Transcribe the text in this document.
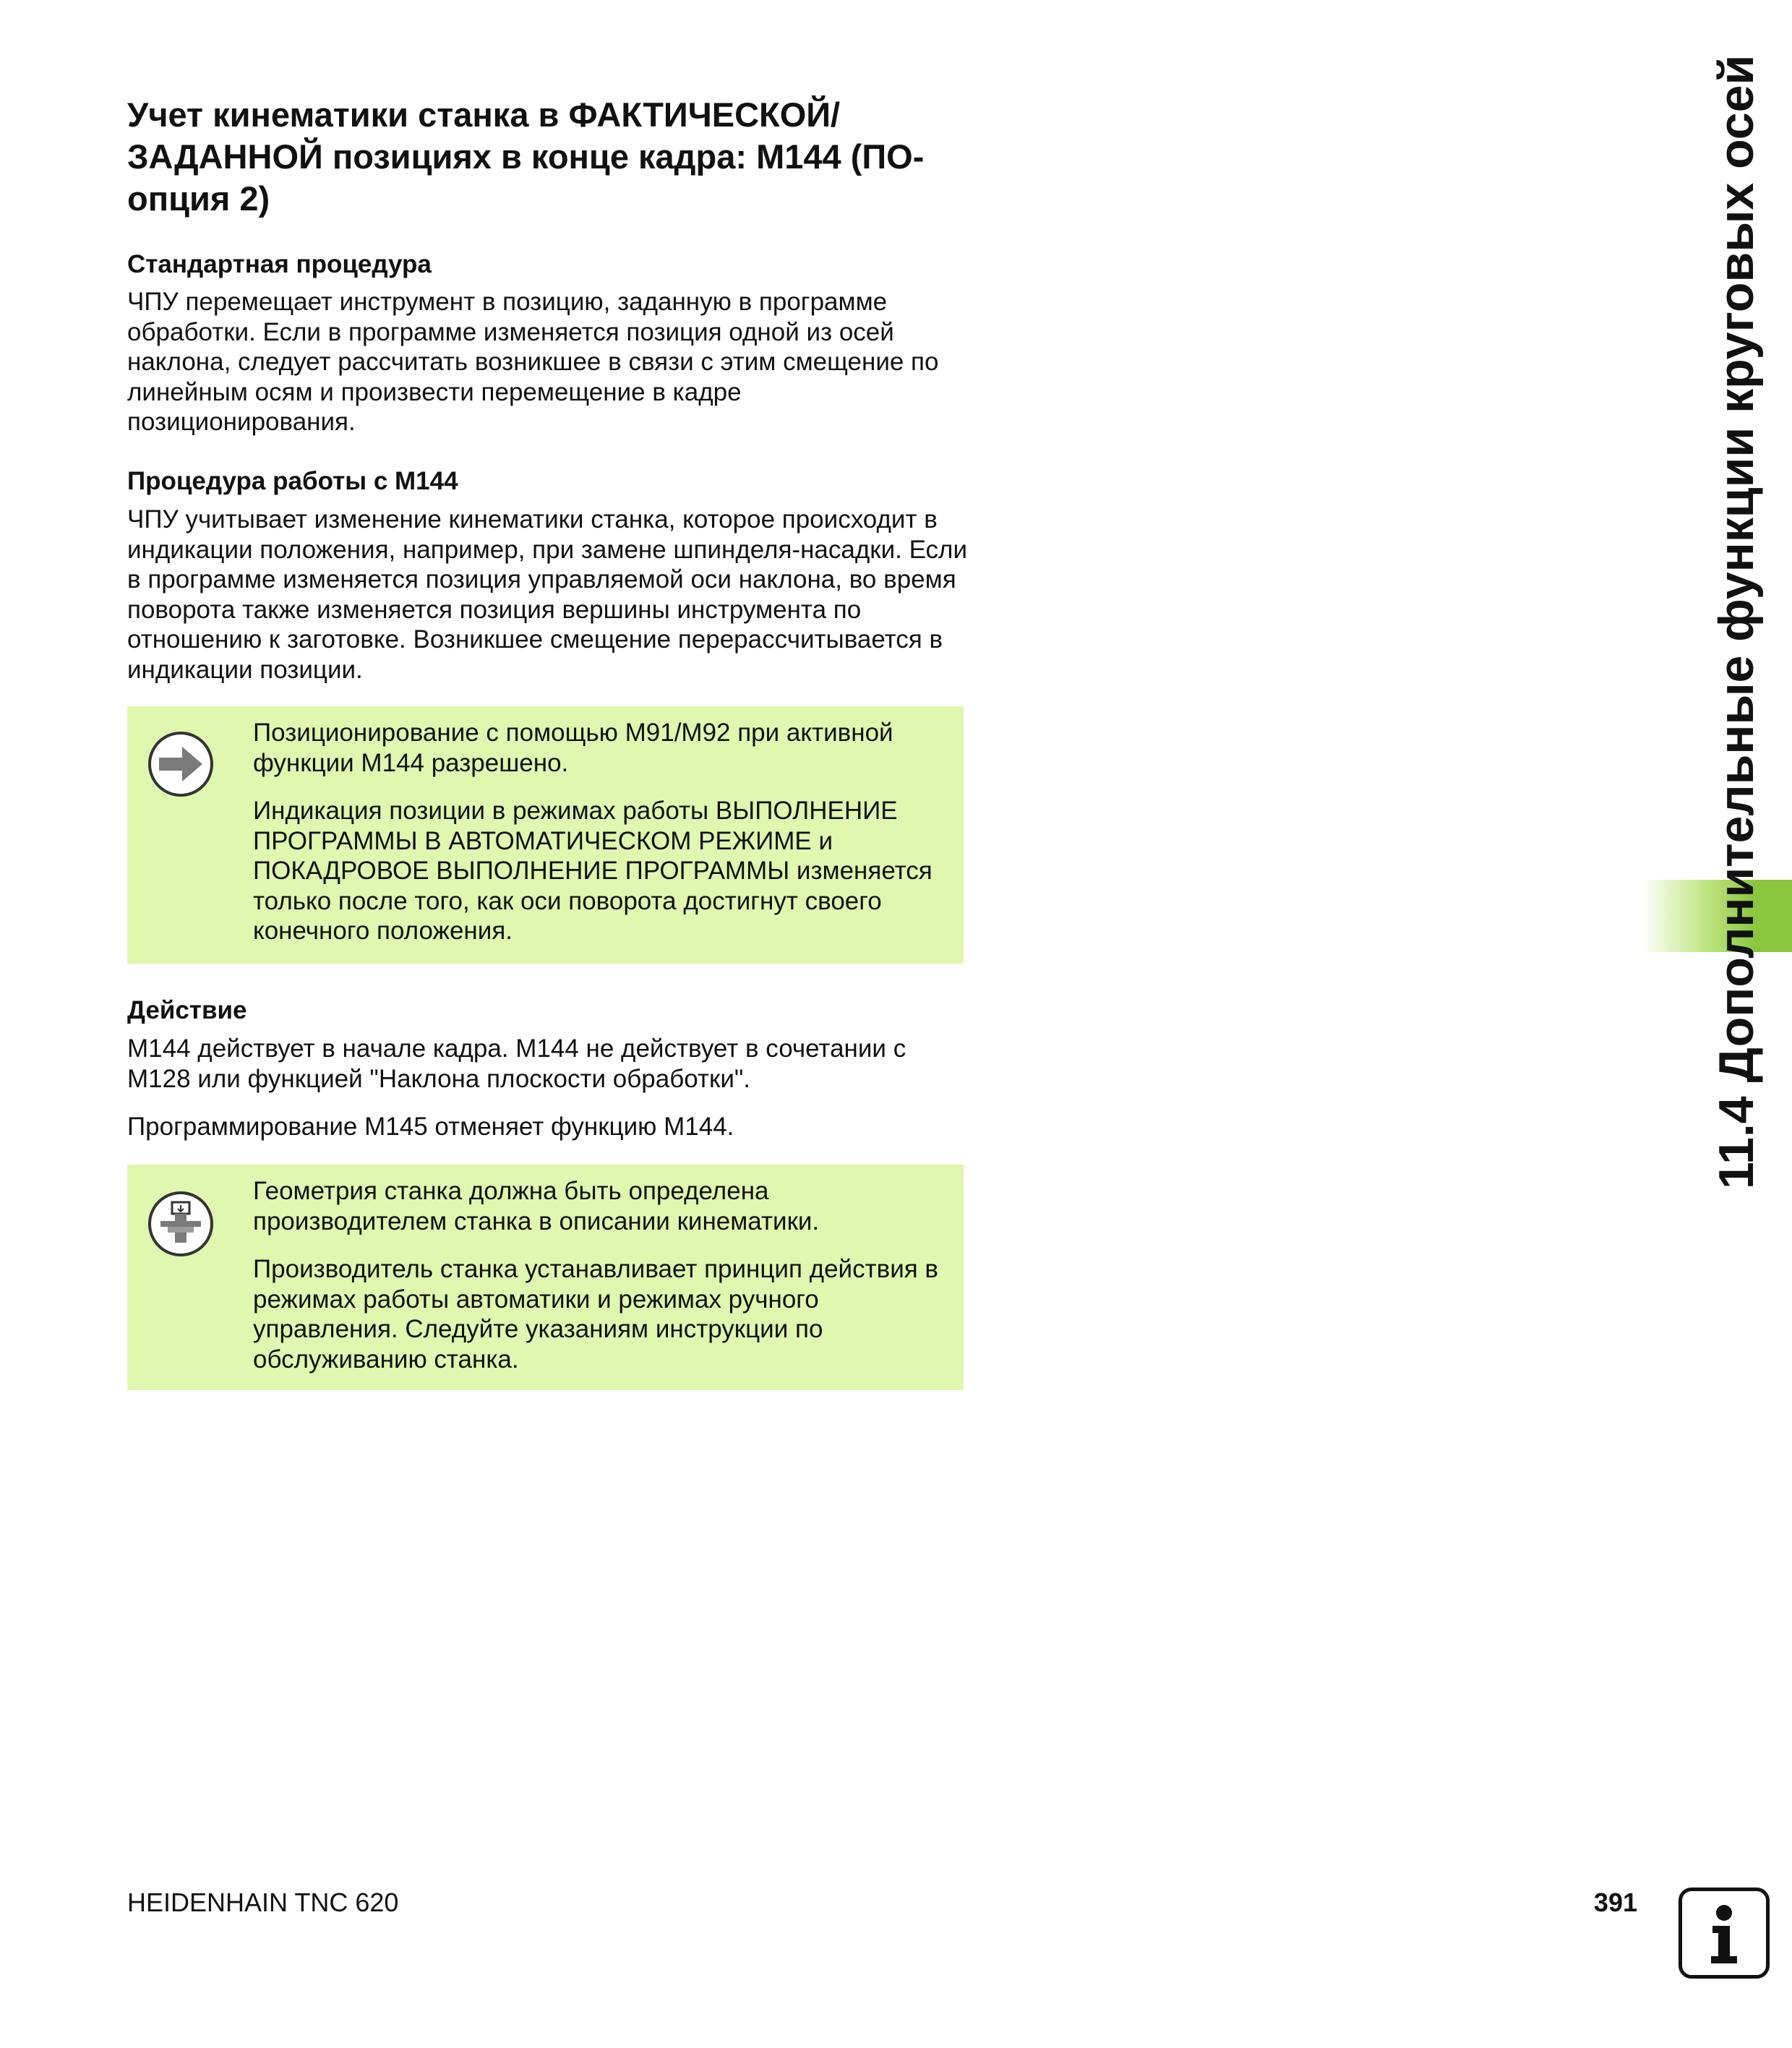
Учет кинематики станка в ФАКТИЧЕСКОЙ/ЗАДАННОЙ позициях в конце кадра: M144 (ПО-опция 2)
Стандартная процедура

ЧПУ перемещает инструмент в позицию, заданную в программе обработки. Если в программе изменяется позиция одной из осей наклона, следует рассчитать возникшее в связи с этим смещение по линейным осям и произвести перемещение в кадре позиционирования.

Процедура работы с M144

ЧПУ учитывает изменение кинематики станка, которое происходит в индикации положения, например, при замене шпинделя-насадки. Если в программе изменяется позиция управляемой оси наклона, во время поворота также изменяется позиция вершины инструмента по отношению к заготовке. Возникшее смещение перерассчитывается в индикации позиции.

Позиционирование с помощью M91/M92 при активной функции M144 разрешено.

Индикация позиции в режимах работы ВЫПОЛНЕНИЕ ПРОГРАММЫ В АВТОМАТИЧЕСКОМ РЕЖИМЕ и ПОКАДРОВОЕ ВЫПОЛНЕНИЕ ПРОГРАММЫ изменяется только после того, как оси поворота достигнут своего конечного положения.

Действие

M144 действует в начале кадра. M144 не действует в сочетании с M128 или функцией "Наклона плоскости обработки".

Программирование M145 отменяет функцию M144.

Геометрия станка должна быть определена производителем станка в описании кинематики.

Производитель станка устанавливает принцип действия в режимах работы автоматики и режимах ручного управления. Следуйте указаниям инструкции по обслуживанию станка.

11.4 Дополнительные функции круговых осей

HEIDENHAIN TNC 620	391
